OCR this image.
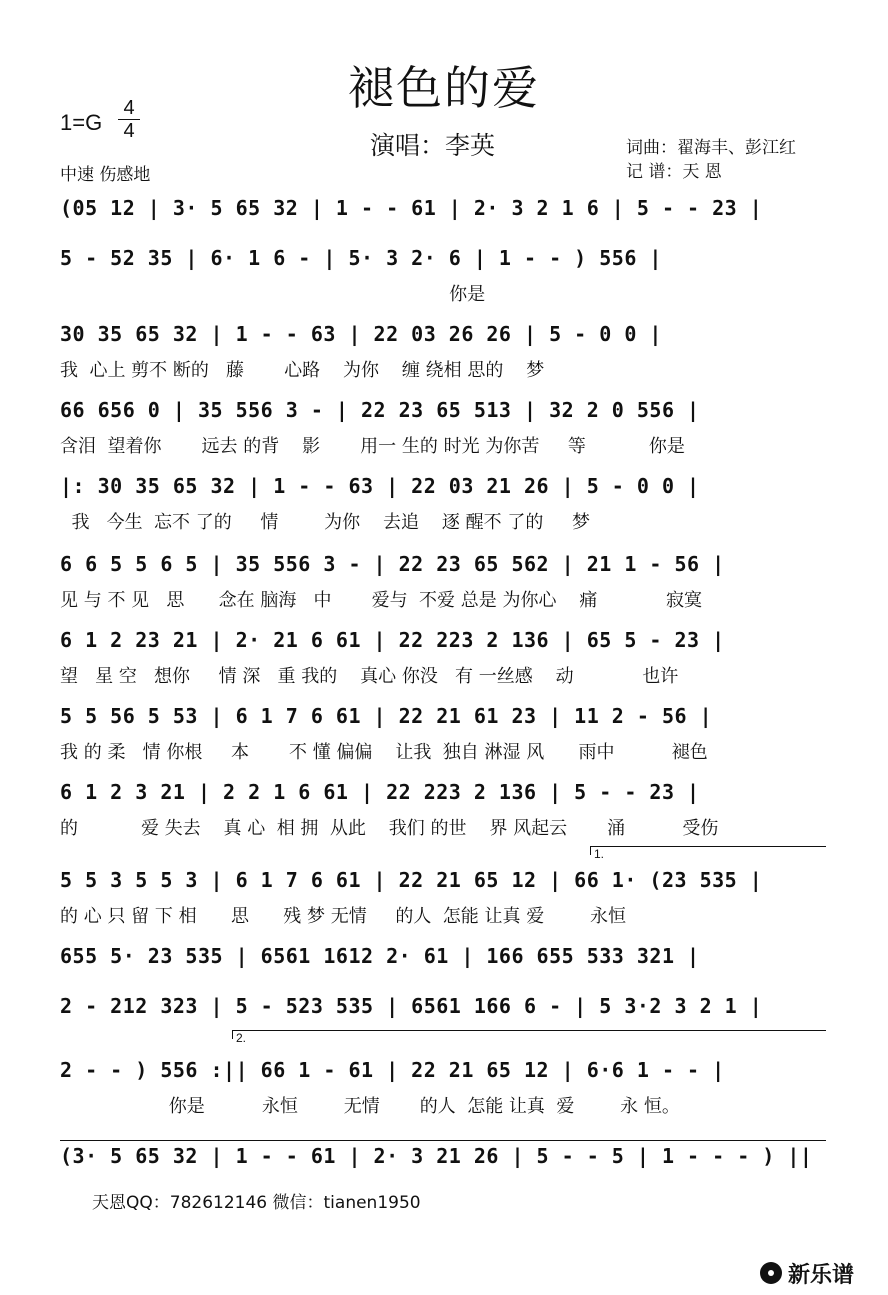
褪色的爱
1=G
4
4	演唱：李英	词曲：翟海丰、彭江红
记 谱：天 恩
中速 伤感地
(05 12 | 3· 5 65 32 | 1 - - 61 | 2· 3 2 1 6 | 5 - - 23 |
5 - 52 35 | 6· 1 6 - | 5· 3 2· 6 | 1 - - ) 556 |
你是
30 35 65 32 | 1 - - 63 | 22 03 26 26 | 5 - 0 0 |
我  心上 剪不 断的   藤       心路    为你    缠 绕相 思的    梦
66 656 0 | 35 556 3 - | 22 23 65 513 | 32 2 0 556 |
含泪  望着你       远去 的背    影       用一 生的 时光 为你苦     等           你是
|: 30 35 65 32 | 1 - - 63 | 22 03 21 26 | 5 - 0 0 |
我   今生  忘不 了的     情        为你    去追    逐 醒不 了的     梦
6 6 5 5 6 5 | 35 556 3 - | 22 23 65 562 | 21 1 - 56 |
见 与 不 见   思      念在 脑海   中       爱与  不爱 总是 为你心    痛            寂寞
6 1 2 23 21 | 2· 21 6 61 | 22 223 2 136 | 65 5 - 23 |
望   星 空   想你     情 深   重 我的    真心 你没   有 一丝感    动            也许
5 5 56 5 53 | 6 1 7 6 61 | 22 21 61 23 | 11 2 - 56 |
我 的 柔   情 你根     本       不 懂 偏偏    让我  独自 淋湿 风      雨中          褪色
6 1 2 3 21 | 2 2 1 6 61 | 22 223 2 136 | 5 - - 23 |
的           爱 失去    真 心  相 拥  从此    我们 的世    界 风起云       涌          受伤
5 5 3 5 5 3 | 6 1 7 6 61 | 22 21 65 12 | 66 1· (23 535 |
的 心 只 留 下 相      思      残 梦 无情     的人  怎能 让真 爱        永恒
655 5· 23 535 | 6561 1612 2· 61 | 166 655 533 321 |
2 - 212 323 | 5 - 523 535 | 6561 166 6 - | 5 3·2 3 2 1 |
2 - - ) 556 :|| 66 1 - 61 | 22 21 65 12 | 6·6 1 - - |
你是          永恒        无情       的人  怎能 让真  爱        永 恒。
(3· 5 65 32 | 1 - - 61 | 2· 3 21 26 | 5 - - 5 | 1 - - - ) ||
1.
2.
天恩QQ：782612146 微信：tianen1950
新乐谱
